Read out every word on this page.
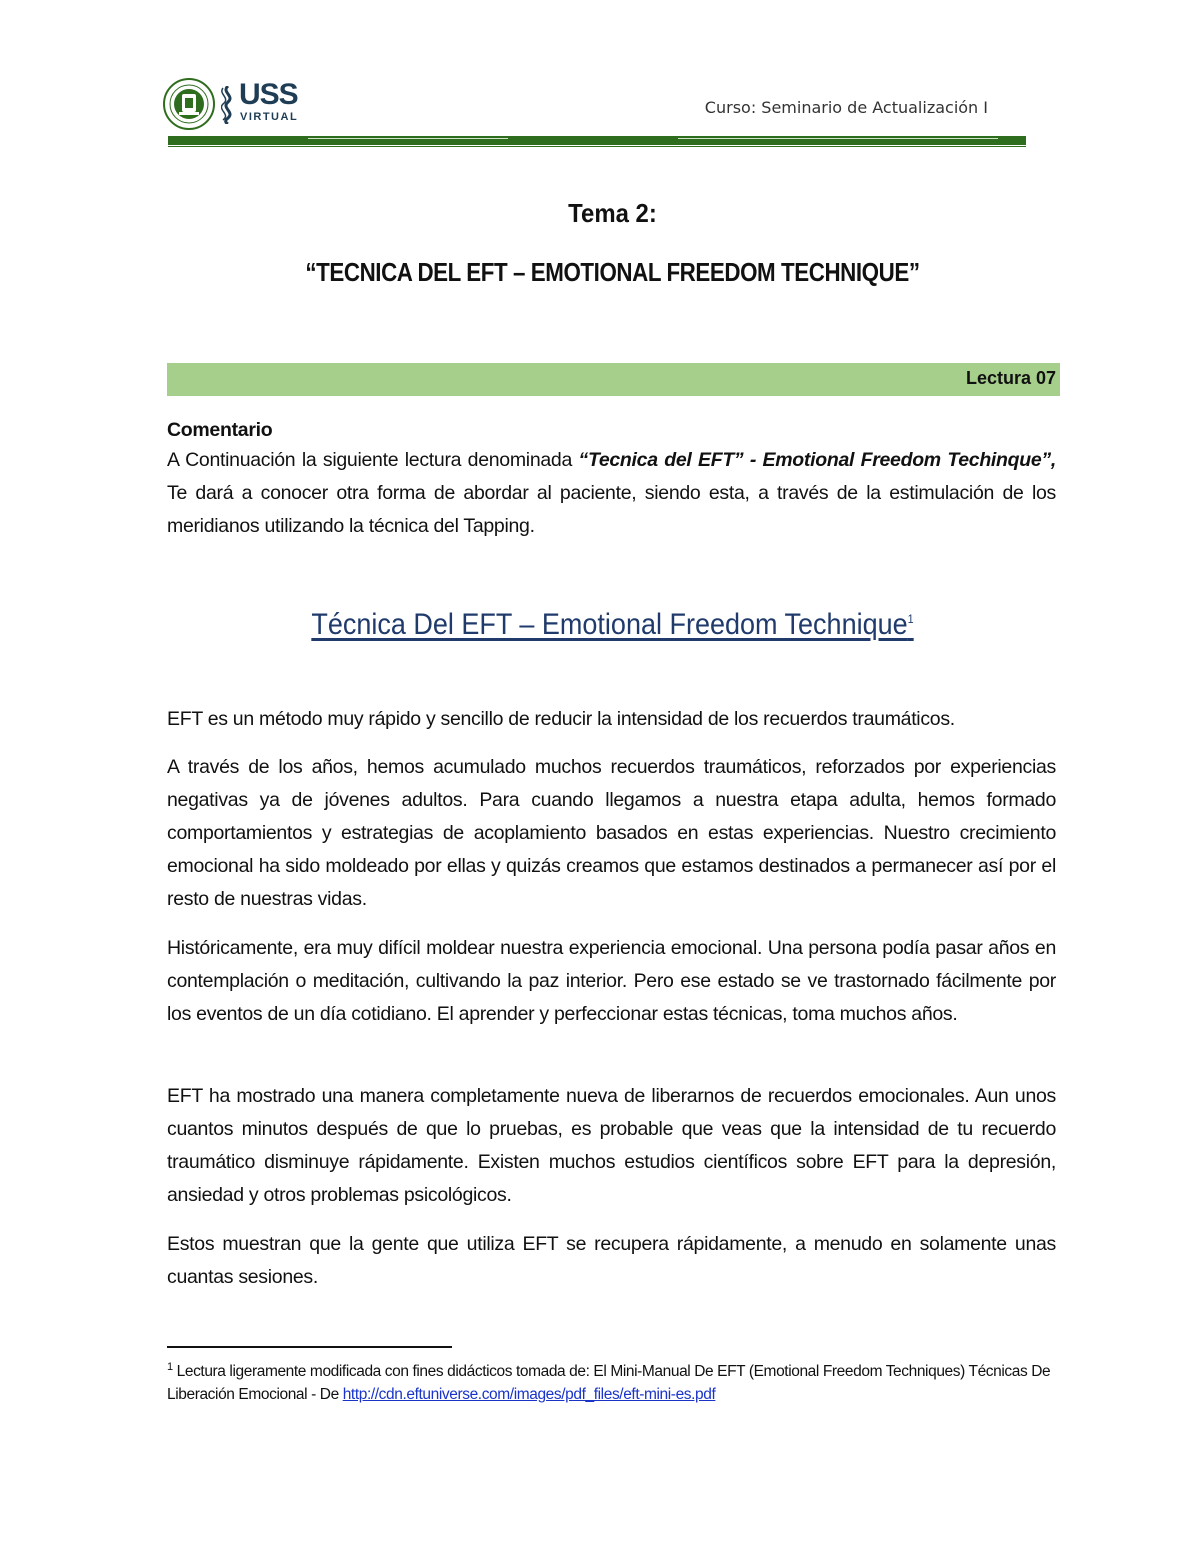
USS
VIRTUAL	Curso: Seminario de Actualización I
Tema 2:
“TECNICA DEL EFT – EMOTIONAL FREEDOM TECHNIQUE”
Lectura 07
Comentario
A Continuación la siguiente lectura denominada “Tecnica del EFT” - Emotional Freedom Techinque”, Te dará a conocer otra forma de abordar al paciente, siendo esta, a través de la estimulación de los meridianos utilizando la técnica del Tapping.
Técnica Del EFT – Emotional Freedom Technique$^1$
EFT es un método muy rápido y sencillo de reducir la intensidad de los recuerdos traumáticos.
A través de los años, hemos acumulado muchos recuerdos traumáticos, reforzados por experiencias negativas ya de jóvenes adultos. Para cuando llegamos a nuestra etapa adulta, hemos formado comportamientos y estrategias de acoplamiento basados en estas experiencias. Nuestro crecimiento emocional ha sido moldeado por ellas y quizás creamos que estamos destinados a permanecer así por el resto de nuestras vidas.
Históricamente, era muy difícil moldear nuestra experiencia emocional. Una persona podía pasar años en contemplación o meditación, cultivando la paz interior. Pero ese estado se ve trastornado fácilmente por los eventos de un día cotidiano. El aprender y perfeccionar estas técnicas, toma muchos años.
EFT ha mostrado una manera completamente nueva de liberarnos de recuerdos emocionales. Aun unos cuantos minutos después de que lo pruebas, es probable que veas que la intensidad de tu recuerdo traumático disminuye rápidamente. Existen muchos estudios científicos sobre EFT para la depresión, ansiedad y otros problemas psicológicos.
Estos muestran que la gente que utiliza EFT se recupera rápidamente, a menudo en solamente unas cuantas sesiones.
$^1$ Lectura ligeramente modificada con fines didácticos tomada de: El Mini-Manual De EFT (Emotional Freedom Techniques) Técnicas De Liberación Emocional - De http://cdn.eftuniverse.com/images/pdf_files/eft-mini-es.pdf
